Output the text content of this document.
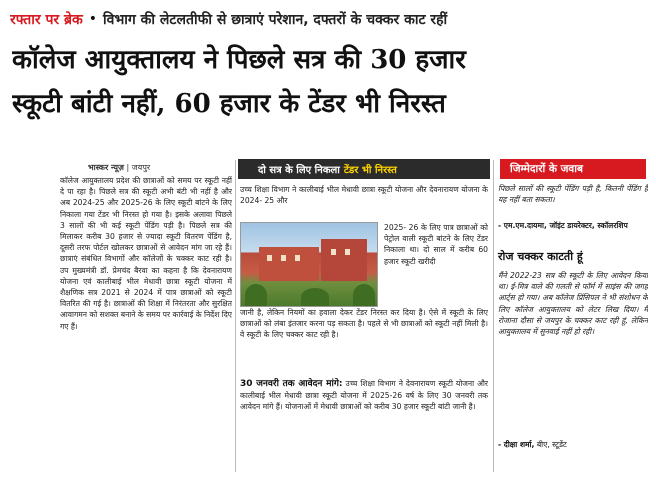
रफ्तार पर ब्रेक • विभाग की लेटलतीफी से छात्राएं परेशान, दफ्तरों के चक्कर काट रहीं
कॉलेज आयुक्तालय ने पिछले सत्र की 30 हजार
स्कूटी बांटी नहीं, 60 हजार के टेंडर भी निरस्त
भास्कर न्यूज़ | जयपुर
कॉलेज आयुक्तालय प्रदेश की छात्राओं को समय पर स्कूटी नहीं दे पा रहा है। पिछले सत्र की स्कूटी अभी बंटी भी नहीं है और अब 2024-25 और 2025-26 के लिए स्कूटी बांटने के लिए निकाला गया टेंडर भी निरस्त हो गया है। इसके अलावा पिछले 3 सालों की भी कई स्कूटी पेंडिंग पड़ी है। पिछले सत्र की मिलाकर करीब 30 हजार से ज्यादा स्कूटी वितरण पेंडिंग है, दूसरी तरफ पोर्टल खोलकर छात्राओं से आवेदन मांग जा रहे हैं। छात्राएं संबंधित विभागों और कॉलेजों के चक्कर काट रही है। उप मुख्यमंत्री डॉ. प्रेमचंद बैरवा का कहना है कि देवनारायण योजना एवं कालीबाई भील मेधावी छात्रा स्कूटी योजना में शैक्षणिक सत्र 2021 से 2024 में पात्र छात्राओं को स्कूटी वितरित की गई है। छात्राओं की शिक्षा में निरंतरता और सुरक्षित आवागमन को सशक्त बनाने के समय पर कार्रवाई के निर्देश दिए गए हैं।
दो सत्र के लिए निकला टेंडर भी निरस्त
उच्च शिक्षा विभाग ने कालीबाई भील मेधावी छात्रा स्कूटी योजना और देवनारायण योजना के 2024- 25 और
2025- 26 के लिए पात्र छात्राओं को पेट्रोल वाली स्कूटी बांटने के लिए टेंडर निकाला था। दो साल में करीब 60 हजार स्कूटी खरीदी
जानी है, लेकिन नियमों का हवाला देकर टेंडर निरस्त कर दिया है। ऐसे में स्कूटी के लिए छात्राओं को लंबा इंतजार करना पड़ सकता है। पहले से भी छात्राओं को स्कूटी नहीं मिली है। वे स्कूटी के लिए चक्कर काट रही है।
30 जनवरी तक आवेदन मांगे: उच्च शिक्षा विभाग ने देवनारायण स्कूटी योजना और कालीबाई भील मेधावी छात्रा स्कूटी योजना में 2025-26 वर्ष के लिए 30 जनवरी तक आवेदन मांगे हैं। योजनाओं में मेधावी छात्राओं को करीब 30 हजार स्कूटी बांटी जानी है।
जिम्मेदारों के जवाब
पिछले सालों की स्कूटी पेंडिंग पड़ी है, कितनी पेंडिंग है यह नहीं बता सकता।
- एम.एम.दायमा, जॉइंट डायरेक्टर, स्कॉलरशिप
रोज चक्कर काटती हूं
मैंने 2022-23 सत्र की स्कूटी के लिए आवेदन किया था। ई-मित्र वाले की गलती से फॉर्म में साइंस की जगह आर्ट्स हो गया। अब कॉलेज प्रिंसिपल ने भी संशोधन के लिए कॉलेज आयुक्तालय को लेटर लिख दिया। मैं रोजाना दौसा से जयपुर के चक्कर काट रही हूं, लेकिन आयुक्तालय में सुनवाई नहीं हो रही।
- दीक्षा शर्मा, बीए, स्टूडेंट
